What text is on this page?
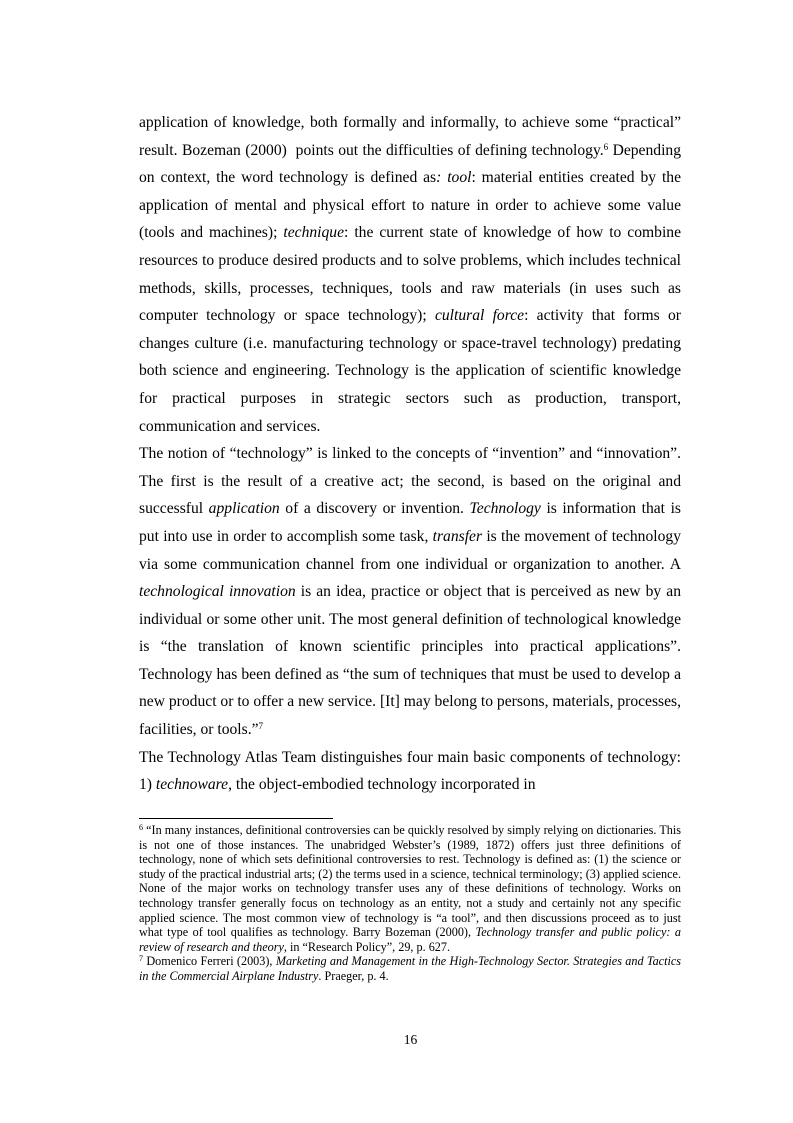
application of knowledge, both formally and informally, to achieve some “practical” result. Bozeman (2000)  points out the difficulties of defining technology.$^6$ Depending on context, the word technology is defined as: tool: material entities created by the application of mental and physical effort to nature in order to achieve some value (tools and machines); technique: the current state of knowledge of how to combine resources to produce desired products and to solve problems, which includes technical methods, skills, processes, techniques, tools and raw materials (in uses such as computer technology or space technology); cultural force: activity that forms or changes culture (i.e. manufacturing technology or space-travel technology) predating both science and engineering. Technology is the application of scientific knowledge for practical purposes in strategic sectors such as production, transport, communication and services.

The notion of “technology” is linked to the concepts of “invention” and “innovation”. The first is the result of a creative act; the second, is based on the original and successful application of a discovery or invention. Technology is information that is put into use in order to accomplish some task, transfer is the movement of technology via some communication channel from one individual or organization to another. A technological innovation is an idea, practice or object that is perceived as new by an individual or some other unit. The most general definition of technological knowledge is “the translation of known scientific principles into practical applications”. Technology has been defined as “the sum of techniques that must be used to develop a new product or to offer a new service. [It] may belong to persons, materials, processes, facilities, or tools.”$^7$

The Technology Atlas Team distinguishes four main basic components of technology: 1) technoware, the object-embodied technology incorporated in

$^6$ “In many instances, definitional controversies can be quickly resolved by simply relying on dictionaries. This is not one of those instances. The unabridged Webster’s (1989, 1872) offers just three definitions of technology, none of which sets definitional controversies to rest. Technology is defined as: (1) the science or study of the practical industrial arts; (2) the terms used in a science, technical terminology; (3) applied science. None of the major works on technology transfer uses any of these definitions of technology. Works on technology transfer generally focus on technology as an entity, not a study and certainly not any specific applied science. The most common view of technology is “a tool”, and then discussions proceed as to just what type of tool qualifies as technology. Barry Bozeman (2000), Technology transfer and public policy: a review of research and theory, in “Research Policy”, 29, p. 627.

$^7$ Domenico Ferreri (2003), Marketing and Management in the High-Technology Sector. Strategies and Tactics in the Commercial Airplane Industry. Praeger, p. 4.

16
